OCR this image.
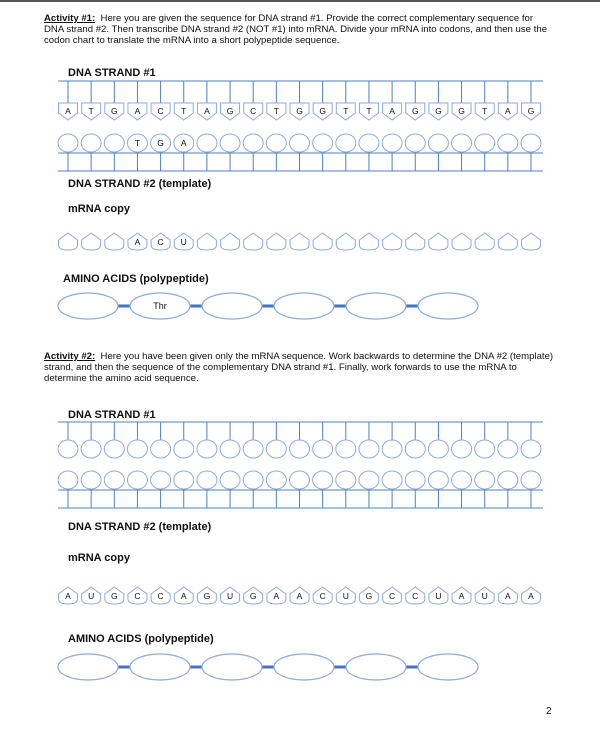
Activity #1: Here you are given the sequence for DNA strand #1. Provide the correct complementary sequence for DNA strand #2. Then transcribe DNA strand #2 (NOT #1) into mRNA. Divide your mRNA into codons, and then use the codon chart to translate the mRNA into a short polypeptide sequence.
DNA STRAND #1
DNA STRAND #2 (template)
mRNA copy
AMINO ACIDS (polypeptide)
Activity #2: Here you have been given only the mRNA sequence. Work backwards to determine the DNA #2 (template) strand, and then the sequence of the complementary DNA strand #1. Finally, work forwards to use the mRNA to determine the amino acid sequence.
DNA STRAND #1
DNA STRAND #2 (template)
mRNA copy
AMINO ACIDS (polypeptide)
A T G A C T A G C T G G T T A G G G T A G
T G A
A C U
Thr
A U G C C A G U G A A C U G C C U A U A A
2
